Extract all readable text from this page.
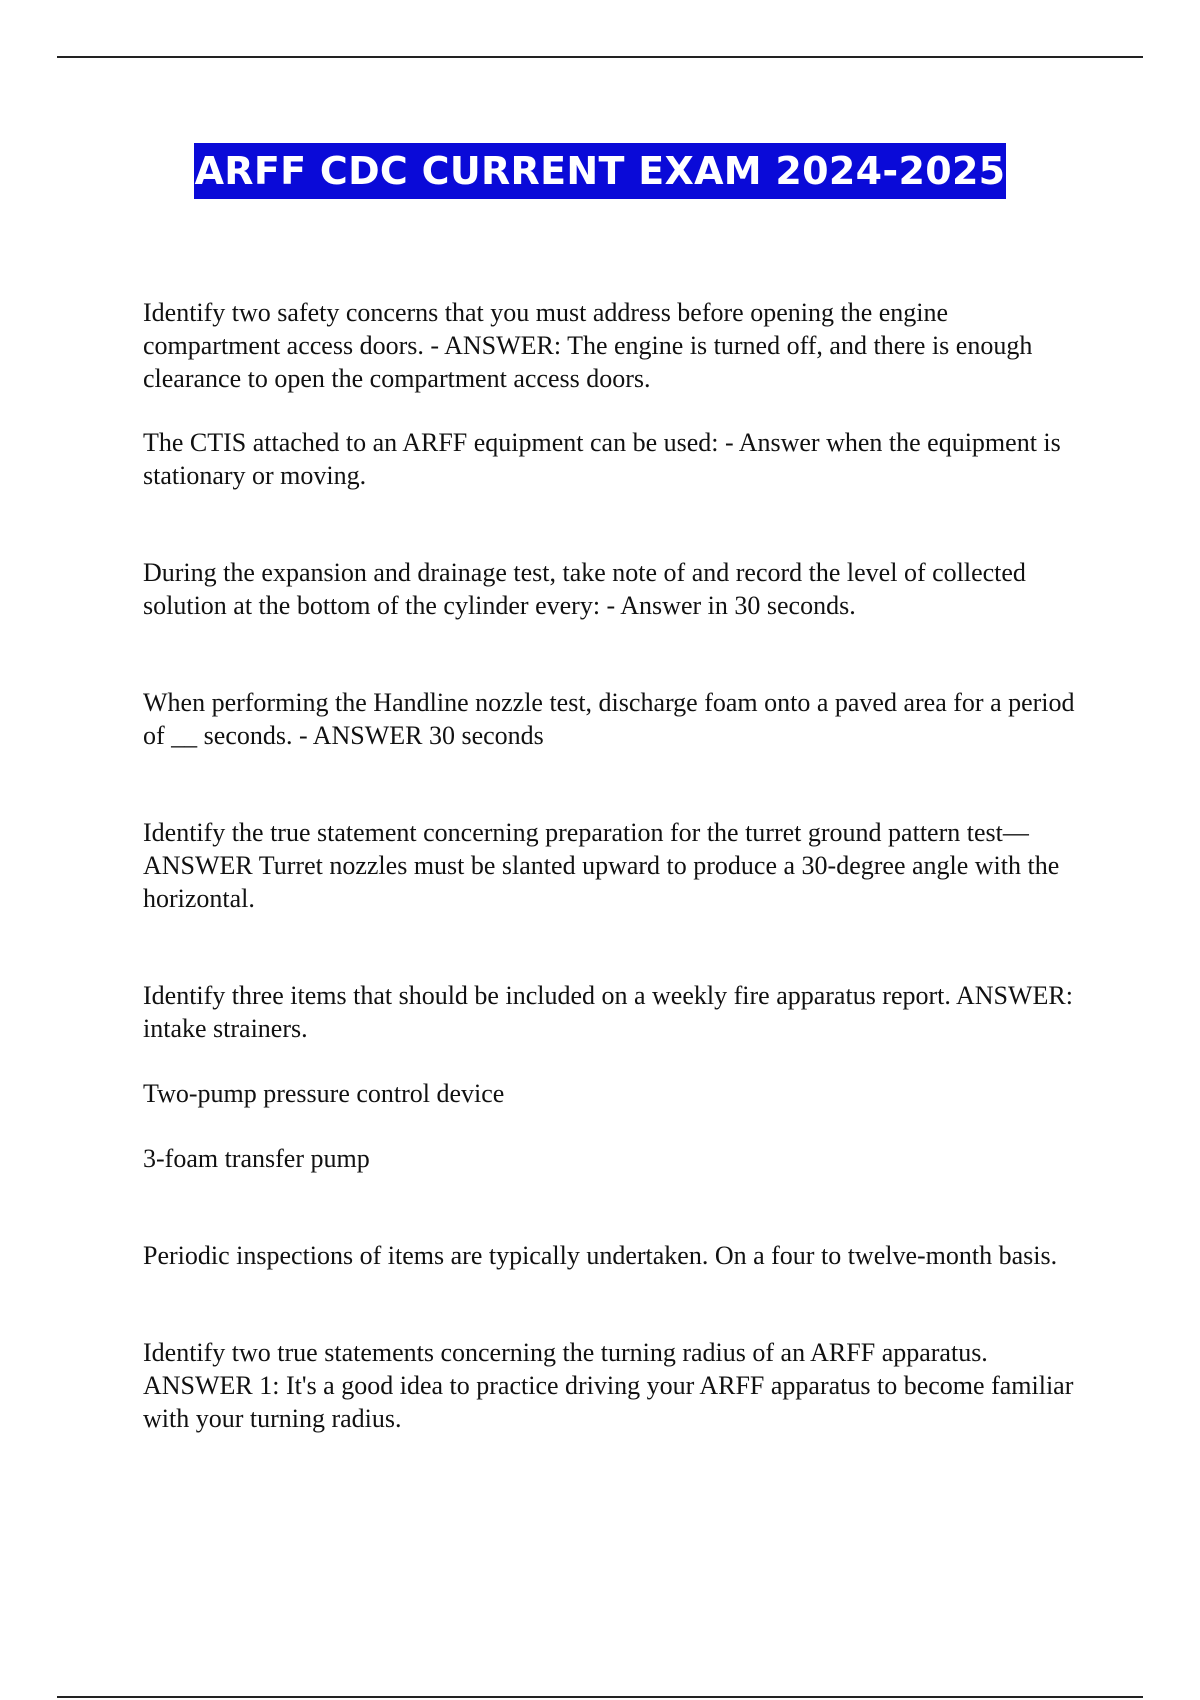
ARFF CDC CURRENT EXAM 2024-2025

Identify two safety concerns that you must address before opening the engine compartment access doors. - ANSWER: The engine is turned off, and there is enough clearance to open the compartment access doors.

The CTIS attached to an ARFF equipment can be used: - Answer when the equipment is stationary or moving.

During the expansion and drainage test, take note of and record the level of collected solution at the bottom of the cylinder every: - Answer in 30 seconds.

When performing the Handline nozzle test, discharge foam onto a paved area for a period of __ seconds. - ANSWER 30 seconds

Identify the true statement concerning preparation for the turret ground pattern test—ANSWER Turret nozzles must be slanted upward to produce a 30-degree angle with the horizontal.

Identify three items that should be included on a weekly fire apparatus report. ANSWER: intake strainers.

Two-pump pressure control device

3-foam transfer pump

Periodic inspections of items are typically undertaken. On a four to twelve-month basis.

Identify two true statements concerning the turning radius of an ARFF apparatus. ANSWER 1: It's a good idea to practice driving your ARFF apparatus to become familiar with your turning radius.
